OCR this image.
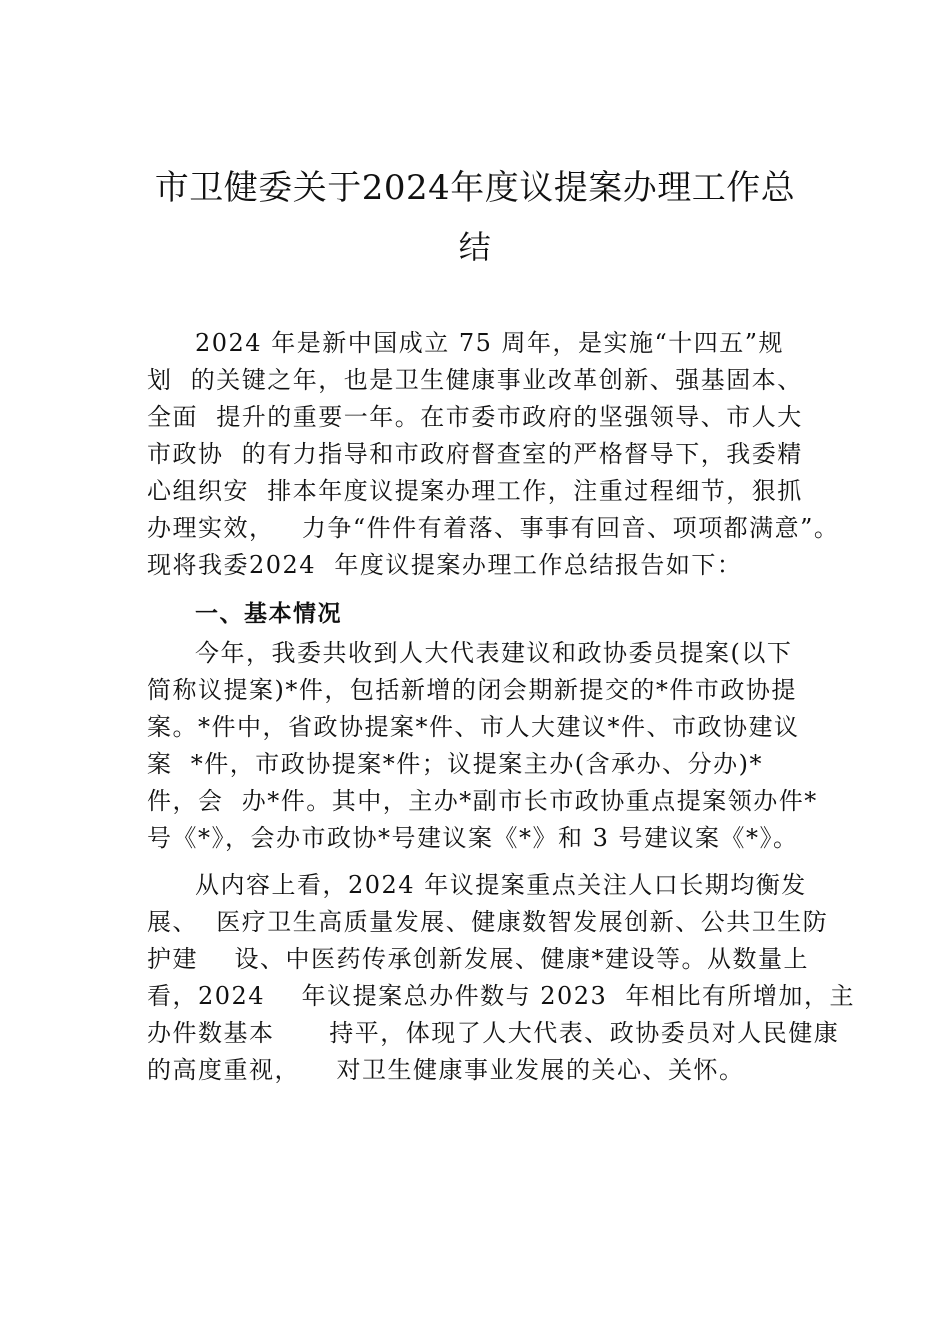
市卫健委关于2024年度议提案办理工作总
结
2024 年是新中国成立 75 周年，是实施“十四五”规
划  的关键之年，也是卫生健康事业改革创新、强基固本、
全面  提升的重要一年。在市委市政府的坚强领导、市人大
市政协  的有力指导和市政府督查室的严格督导下，我委精
心组织安  排本年度议提案办理工作，注重过程细节，狠抓
办理实效，   力争“件件有着落、事事有回音、项项都满意”。
现将我委2024  年度议提案办理工作总结报告如下：
一、基本情况
今年，我委共收到人大代表建议和政协委员提案(以下
简称议提案)*件，包括新增的闭会期新提交的*件市政协提
案。*件中，省政协提案*件、市人大建议*件、市政协建议
案  *件，市政协提案*件；议提案主办(含承办、分办)*
件，会  办*件。其中，主办*副市长市政协重点提案领办件*
号《*》，会办市政协*号建议案《*》和 3 号建议案《*》。
从内容上看，2024 年议提案重点关注人口长期均衡发
展、  医疗卫生高质量发展、健康数智发展创新、公共卫生防
护建    设、中医药传承创新发展、健康*建设等。从数量上
看，2024    年议提案总办件数与 2023  年相比有所增加，主
办件数基本      持平，体现了人大代表、政协委员对人民健康
的高度重视，    对卫生健康事业发展的关心、关怀。
